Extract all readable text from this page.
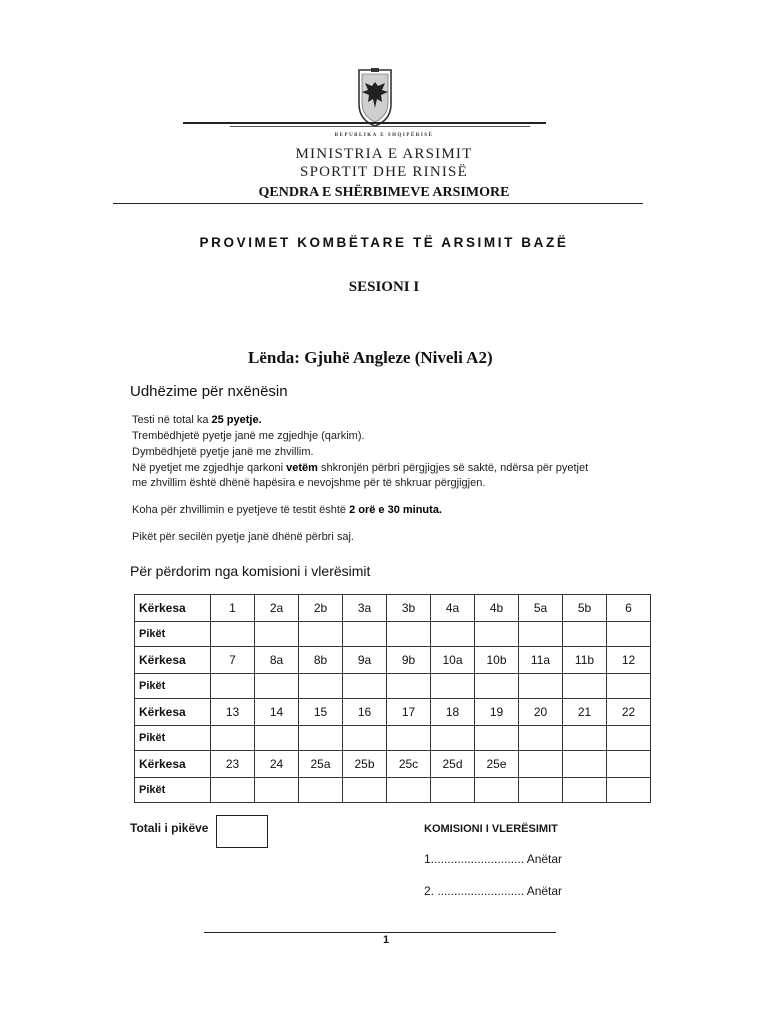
REPUBLIKA E SHQIPËRISË
MINISTRIA E ARSIMIT
SPORTIT DHE RINISË
QENDRA E SHËRBIMEVE ARSIMORE
PROVIMET KOMBËTARE TË ARSIMIT BAZË
SESIONI I
Lënda: Gjuhë Angleze (Niveli A2)
Udhëzime për nxënësin
Testi në total ka 25 pyetje.
Trembëdhjetë pyetje janë me zgjedhje (qarkim).
Dymbëdhjetë pyetje janë me zhvillim.
Në pyetjet me zgjedhje qarkoni vetëm shkronjën përbri përgjigjes së saktë, ndërsa për pyetjet
me zhvillim është dhënë hapësira e nevojshme për të shkruar përgjigjen.
Koha për zhvillimin e pyetjeve të testit është 2 orë e 30 minuta.
Pikët për secilën pyetje janë dhënë përbri saj.
Për përdorim nga komisioni i vlerësimit
Kërkesa	1	2a	2b	3a	3b	4a	4b	5a	5b	6
Pikët										
Kërkesa	7	8a	8b	9a	9b	10a	10b	11a	11b	12
Pikët										
Kërkesa	13	14	15	16	17	18	19	20	21	22
Pikët										
Kërkesa	23	24	25a	25b	25c	25d	25e			
Pikët										
Totali i pikëve	KOMISIONI I VLERËSIMIT
1............................ Anëtar
2. .......................... Anëtar
1
